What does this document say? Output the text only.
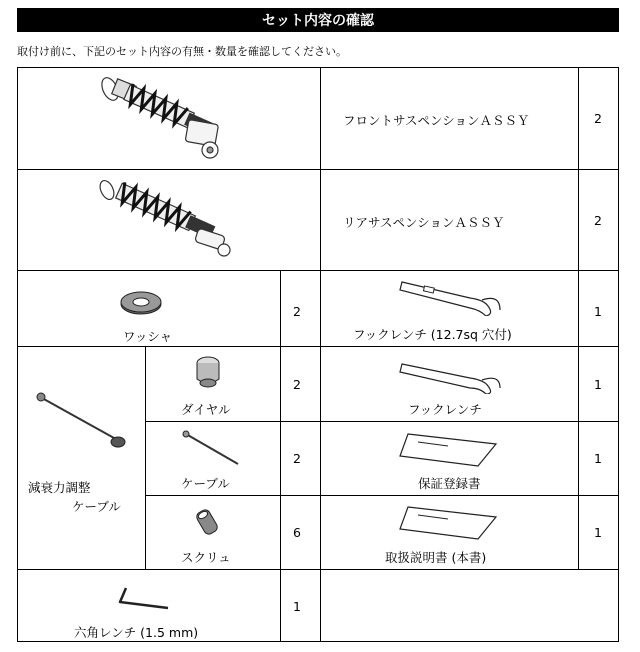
セット内容の確認
取付け前に、下記のセット内容の有無・数量を確認してください。
フロントサスペンションＡＳＳＹ	2
リアサスペンションＡＳＳＹ	2
ワッシャ
2
フックレンチ (12.7sq 穴付)
1
減衰力調整
ケーブル
ダイヤル
2
フックレンチ
1
ケーブル
2
保証登録書
1
スクリュ
6
取扱説明書 (本書)
1
六角レンチ (1.5 mm)
1
